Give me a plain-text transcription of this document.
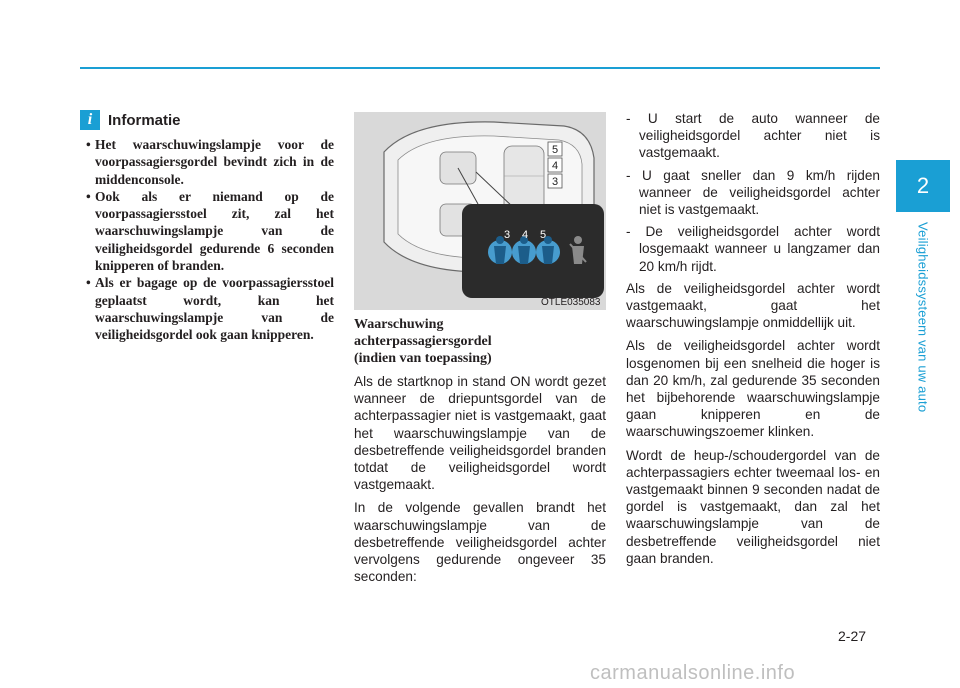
2
Veiligheidssysteem van uw auto
i	Informatie
• Het waarschuwingslampje voor de voorpassagiersgordel bevindt zich in de middenconsole.
• Ook als er niemand op de voorpassagiersstoel zit, zal het waarschuwingslampje van de veiligheidsgordel gedurende 6 seconden knipperen of branden.
• Als er bagage op de voorpassagiersstoel geplaatst wordt, kan het waarschuwingslampje van de veiligheidsgordel ook gaan knipperen.
5
4
3
3 4 5
OTLE035083
Waarschuwing
achterpassagiersgordel
(indien van toepassing)

Als de startknop in stand ON wordt gezet wanneer de driepuntsgordel van de achterpassagier niet is vastgemaakt, gaat het waarschuwingslampje van de desbetreffende veiligheidsgordel branden totdat de veiligheidsgordel wordt vastgemaakt.

In de volgende gevallen brandt het waarschuwingslampje van de desbetreffende veiligheidsgordel achter vervolgens gedurende ongeveer 35 seconden:

- U start de auto wanneer de veiligheidsgordel achter niet is vastgemaakt.

- U gaat sneller dan 9 km/h rijden wanneer de veiligheidsgordel achter niet is vastgemaakt.

- De veiligheidsgordel achter wordt losgemaakt wanneer u langzamer dan 20 km/h rijdt.

Als de veiligheidsgordel achter wordt vastgemaakt, gaat het waarschuwingslampje onmiddellijk uit.

Als de veiligheidsgordel achter wordt losgenomen bij een snelheid die hoger is dan 20 km/h, zal gedurende 35 seconden het bijbehorende waarschuwingslampje gaan knipperen en de waarschuwingszoemer klinken.

Wordt de heup-/schoudergordel van de achterpassagiers echter tweemaal los- en vastgemaakt binnen 9 seconden nadat de gordel is vastgemaakt, dan zal het waarschuwingslampje van de desbetreffende veiligheidsgordel niet gaan branden.

2-27
carmanualsonline.info
